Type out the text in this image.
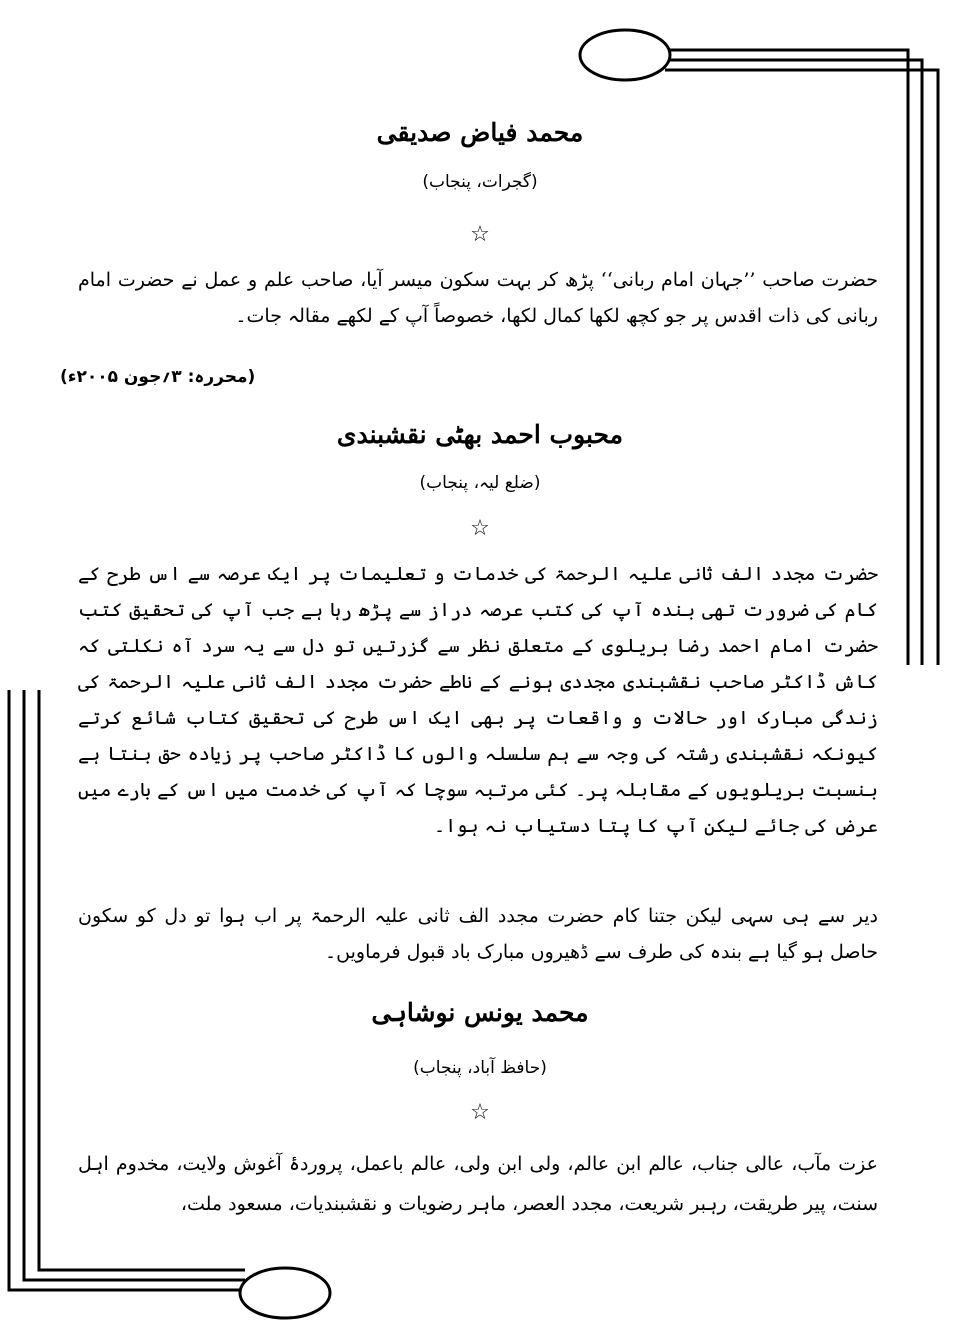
محمد فیاض صدیقی
(گجرات، پنجاب)
☆
حضرت صاحب ’’جہان امام ربانی‘‘ پڑھ کر بہت سکون میسر آیا، صاحب علم و عمل نے حضرت امام ربانی کی ذات اقدس پر جو کچھ لکھا کمال لکھا، خصوصاً آپ کے لکھے مقالہ جات۔
(محررہ: ۳؍جون ۲۰۰۵ء)
محبوب احمد بھٹی نقشبندی
(ضلع لیہ، پنجاب)
☆
حضرت مجدد الف ثانی علیہ الرحمۃ کی خدمات و تعلیمات پر ایک عرصہ سے اس طرح کے کام کی ضرورت تھی بندہ آپ کی کتب عرصہ دراز سے پڑھ رہا ہے جب آپ کی تحقیق کتب حضرت امام احمد رضا بریلوی کے متعلق نظر سے گزرتیں تو دل سے یہ سرد آہ نکلتی کہ کاش ڈاکٹر صاحب نقشبندی مجددی ہونے کے ناطے حضرت مجدد الف ثانی علیہ الرحمۃ کی زندگی مبارک اور حالات و واقعات پر بھی ایک اس طرح کی تحقیق کتاب شائع کرتے کیونکہ نقشبندی رشتہ کی وجہ سے ہم سلسلہ والوں کا ڈاکٹر صاحب پر زیادہ حق بنتا ہے بنسبت بریلویوں کے مقابلہ پر۔ کئی مرتبہ سوچا کہ آپ کی خدمت میں اس کے بارے میں عرض کی جائے لیکن آپ کا پتا دستیاب نہ ہوا۔
دیر سے ہی سہی لیکن جتنا کام حضرت مجدد الف ثانی علیہ الرحمۃ پر اب ہوا تو دل کو سکون حاصل ہو گیا ہے بندہ کی طرف سے ڈھیروں مبارک باد قبول فرماویں۔
محمد یونس نوشاہی
(حافظ آباد، پنجاب)
☆
عزت مآب، عالی جناب، عالم ابن عالم، ولی ابن ولی، عالم باعمل، پروردۂ آغوش ولایت، مخدوم اہل سنت، پیر طریقت، رہبر شریعت، مجدد العصر، ماہر رضویات و نقشبندیات، مسعود ملت،
